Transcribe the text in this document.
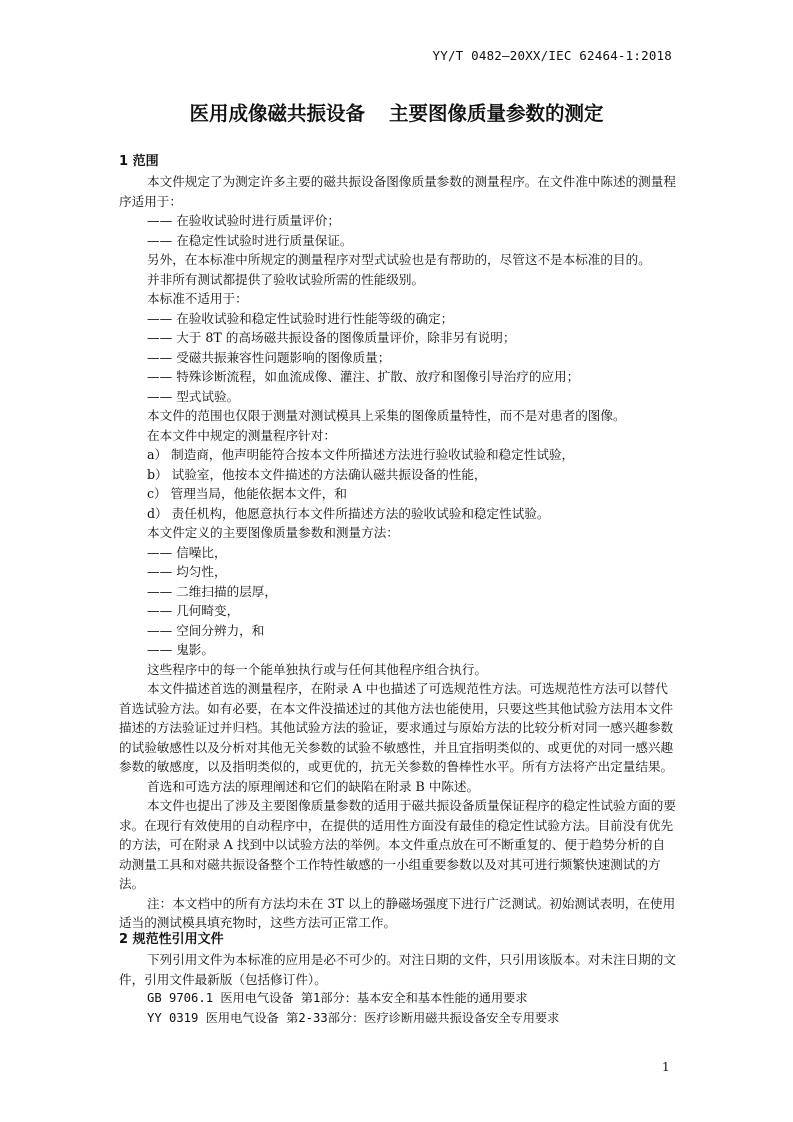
YY/T 0482—20XX/IEC 62464-1:2018
医用成像磁共振设备 主要图像质量参数的测定
1 范围

本文件规定了为测定许多主要的磁共振设备图像质量参数的测量程序。在文件准中陈述的测量程序适用于：

—— 在验收试验时进行质量评价；

—— 在稳定性试验时进行质量保证。

另外，在本标准中所规定的测量程序对型式试验也是有帮助的，尽管这不是本标准的目的。

并非所有测试都提供了验收试验所需的性能级别。

本标准不适用于：

—— 在验收试验和稳定性试验时进行性能等级的确定；

—— 大于 8T 的高场磁共振设备的图像质量评价，除非另有说明；

—— 受磁共振兼容性问题影响的图像质量；

—— 特殊诊断流程，如血流成像、灌注、扩散、放疗和图像引导治疗的应用；

—— 型式试验。

本文件的范围也仅限于测量对测试模具上采集的图像质量特性，而不是对患者的图像。

在本文件中规定的测量程序针对：

a） 制造商，他声明能符合按本文件所描述方法进行验收试验和稳定性试验，

b） 试验室，他按本文件描述的方法确认磁共振设备的性能，

c） 管理当局，他能依据本文件，和

d） 责任机构，他愿意执行本文件所描述方法的验收试验和稳定性试验。

本文件定义的主要图像质量参数和测量方法：

—— 信噪比，

—— 均匀性，

—— 二维扫描的层厚，

—— 几何畸变，

—— 空间分辨力，和

—— 鬼影。

这些程序中的每一个能单独执行或与任何其他程序组合执行。

本文件描述首选的测量程序，在附录 A 中也描述了可选规范性方法。可选规范性方法可以替代首选试验方法。如有必要，在本文件没描述过的其他方法也能使用，只要这些其他试验方法用本文件描述的方法验证过并归档。其他试验方法的验证，要求通过与原始方法的比较分析对同一感兴趣参数的试验敏感性以及分析对其他无关参数的试验不敏感性，并且宜指明类似的、或更优的对同一感兴趣参数的敏感度，以及指明类似的，或更优的，抗无关参数的鲁棒性水平。所有方法将产出定量结果。

首选和可选方法的原理阐述和它们的缺陷在附录 B 中陈述。

本文件也提出了涉及主要图像质量参数的适用于磁共振设备质量保证程序的稳定性试验方面的要求。在现行有效使用的自动程序中，在提供的适用性方面没有最佳的稳定性试验方法。目前没有优先的方法，可在附录 A 找到中以试验方法的举例。本文件重点放在可不断重复的、便于趋势分析的自动测量工具和对磁共振设备整个工作特性敏感的一小组重要参数以及对其可进行频繁快速测试的方法。

注：本文档中的所有方法均未在 3T 以上的静磁场强度下进行广泛测试。初始测试表明，在使用适当的测试模具填充物时，这些方法可正常工作。

2 规范性引用文件

下列引用文件为本标准的应用是必不可少的。对注日期的文件，只引用该版本。对未注日期的文件，引用文件最新版（包括修订件）。

GB 9706.1 医用电气设备 第1部分：基本安全和基本性能的通用要求

YY 0319 医用电气设备 第2-33部分：医疗诊断用磁共振设备安全专用要求

1
